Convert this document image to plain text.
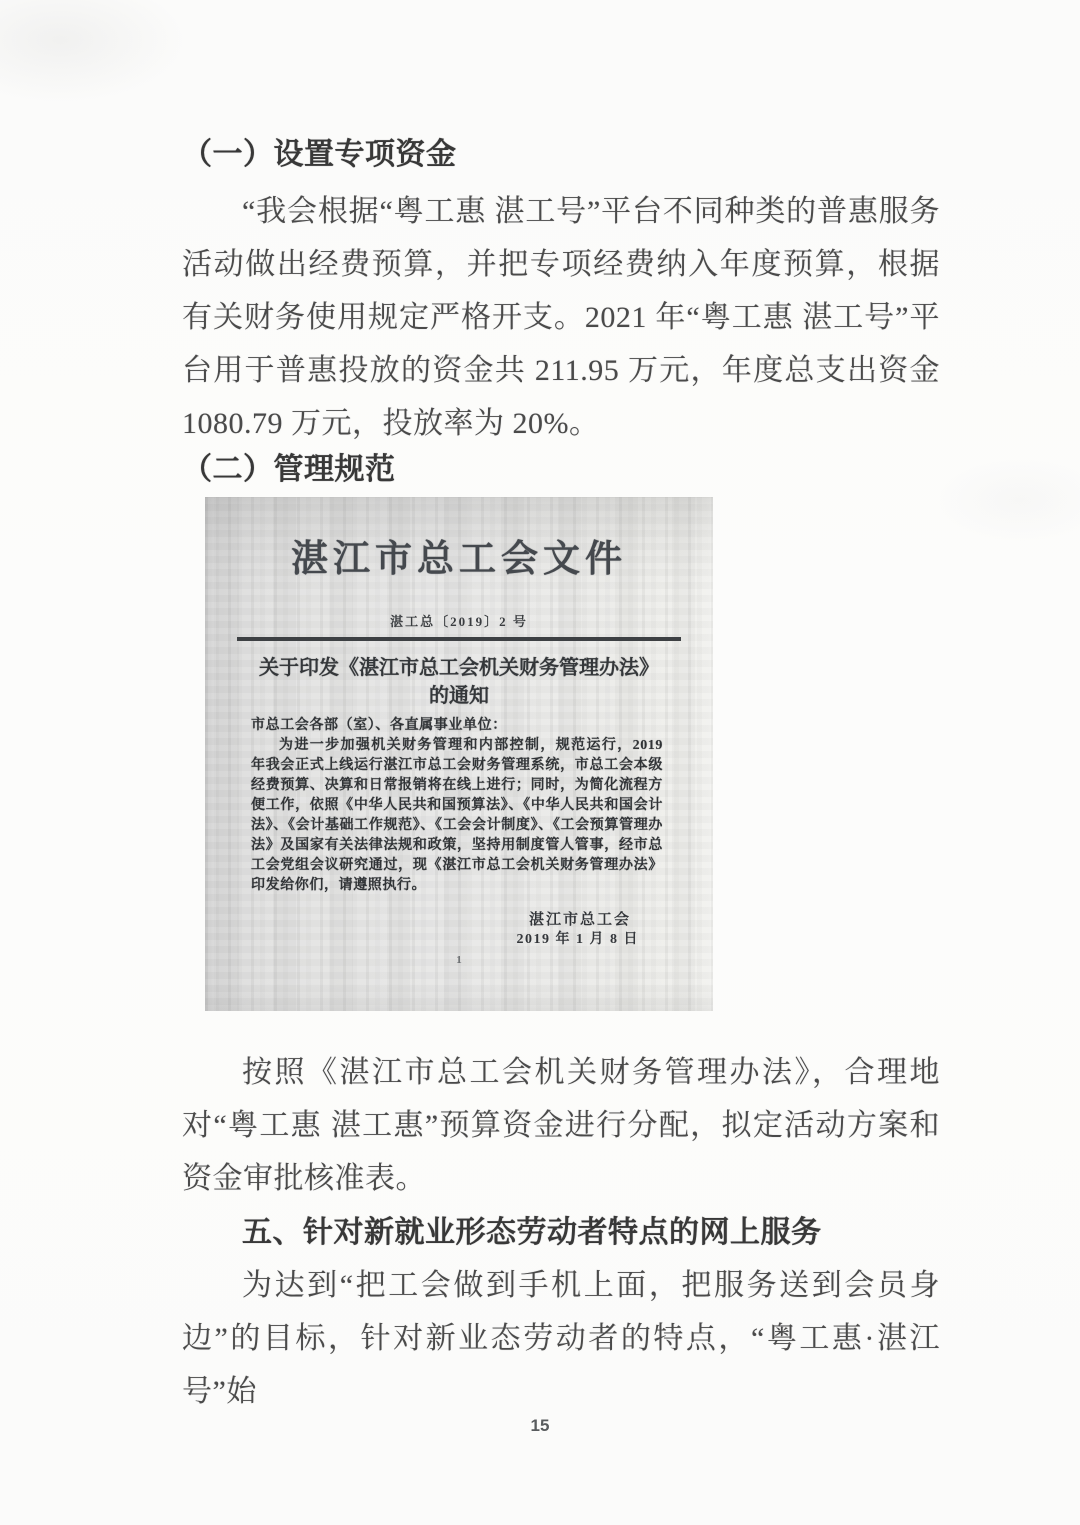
（一）设置专项资金
“我会根据“粤工惠 湛工号”平台不同种类的普惠服务活动做出经费预算，并把专项经费纳入年度预算，根据有关财务使用规定严格开支。2021 年“粤工惠 湛工号”平台用于普惠投放的资金共 211.95 万元，年度总支出资金 1080.79 万元，投放率为 20%。
（二）管理规范
湛江市总工会文件
湛工总〔2019〕2 号
关于印发《湛江市总工会机关财务管理办法》
的通知
市总工会各部（室）、各直属事业单位：
为进一步加强机关财务管理和内部控制，规范运行，2019 年我会正式上线运行湛江市总工会财务管理系统，市总工会本级经费预算、决算和日常报销将在线上进行；同时，为简化流程方便工作，依照《中华人民共和国预算法》、《中华人民共和国会计法》、《会计基础工作规范》、《工会会计制度》、《工会预算管理办法》及国家有关法律法规和政策，坚持用制度管人管事，经市总工会党组会议研究通过，现《湛江市总工会机关财务管理办法》印发给你们，请遵照执行。
湛江市总工会
2019 年 1 月 8 日
1
按照《湛江市总工会机关财务管理办法》，合理地对“粤工惠 湛工惠”预算资金进行分配，拟定活动方案和资金审批核准表。
五、针对新就业形态劳动者特点的网上服务
为达到“把工会做到手机上面，把服务送到会员身边”的目标，针对新业态劳动者的特点，“粤工惠·湛江号”始
15
